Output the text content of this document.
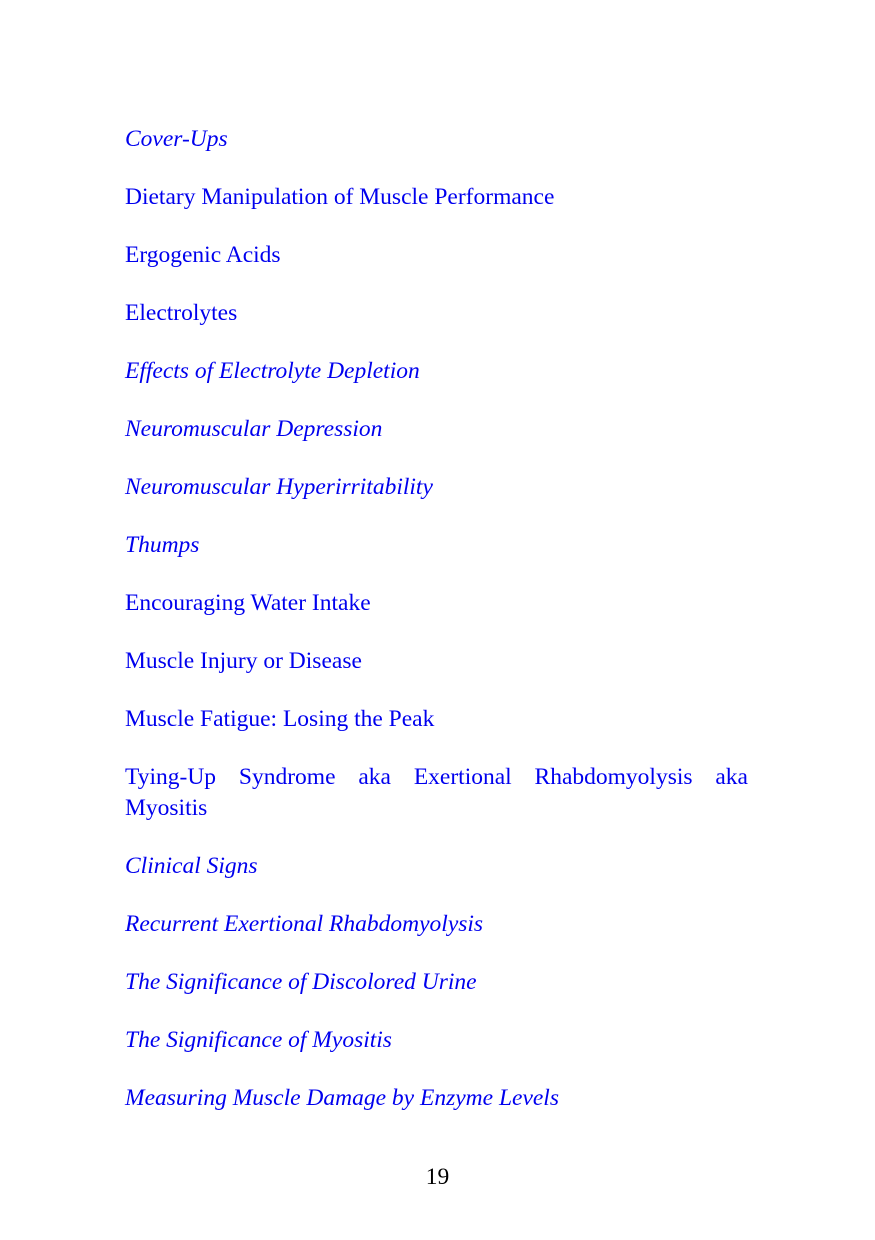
Cover-Ups
Dietary Manipulation of Muscle Performance
Ergogenic Acids
Electrolytes
Effects of Electrolyte Depletion
Neuromuscular Depression
Neuromuscular Hyperirritability
Thumps
Encouraging Water Intake
Muscle Injury or Disease
Muscle Fatigue: Losing the Peak
Tying-Up Syndrome aka Exertional Rhabdomyolysis aka Myositis
Clinical Signs
Recurrent Exertional Rhabdomyolysis
The Significance of Discolored Urine
The Significance of Myositis
Measuring Muscle Damage by Enzyme Levels
19
